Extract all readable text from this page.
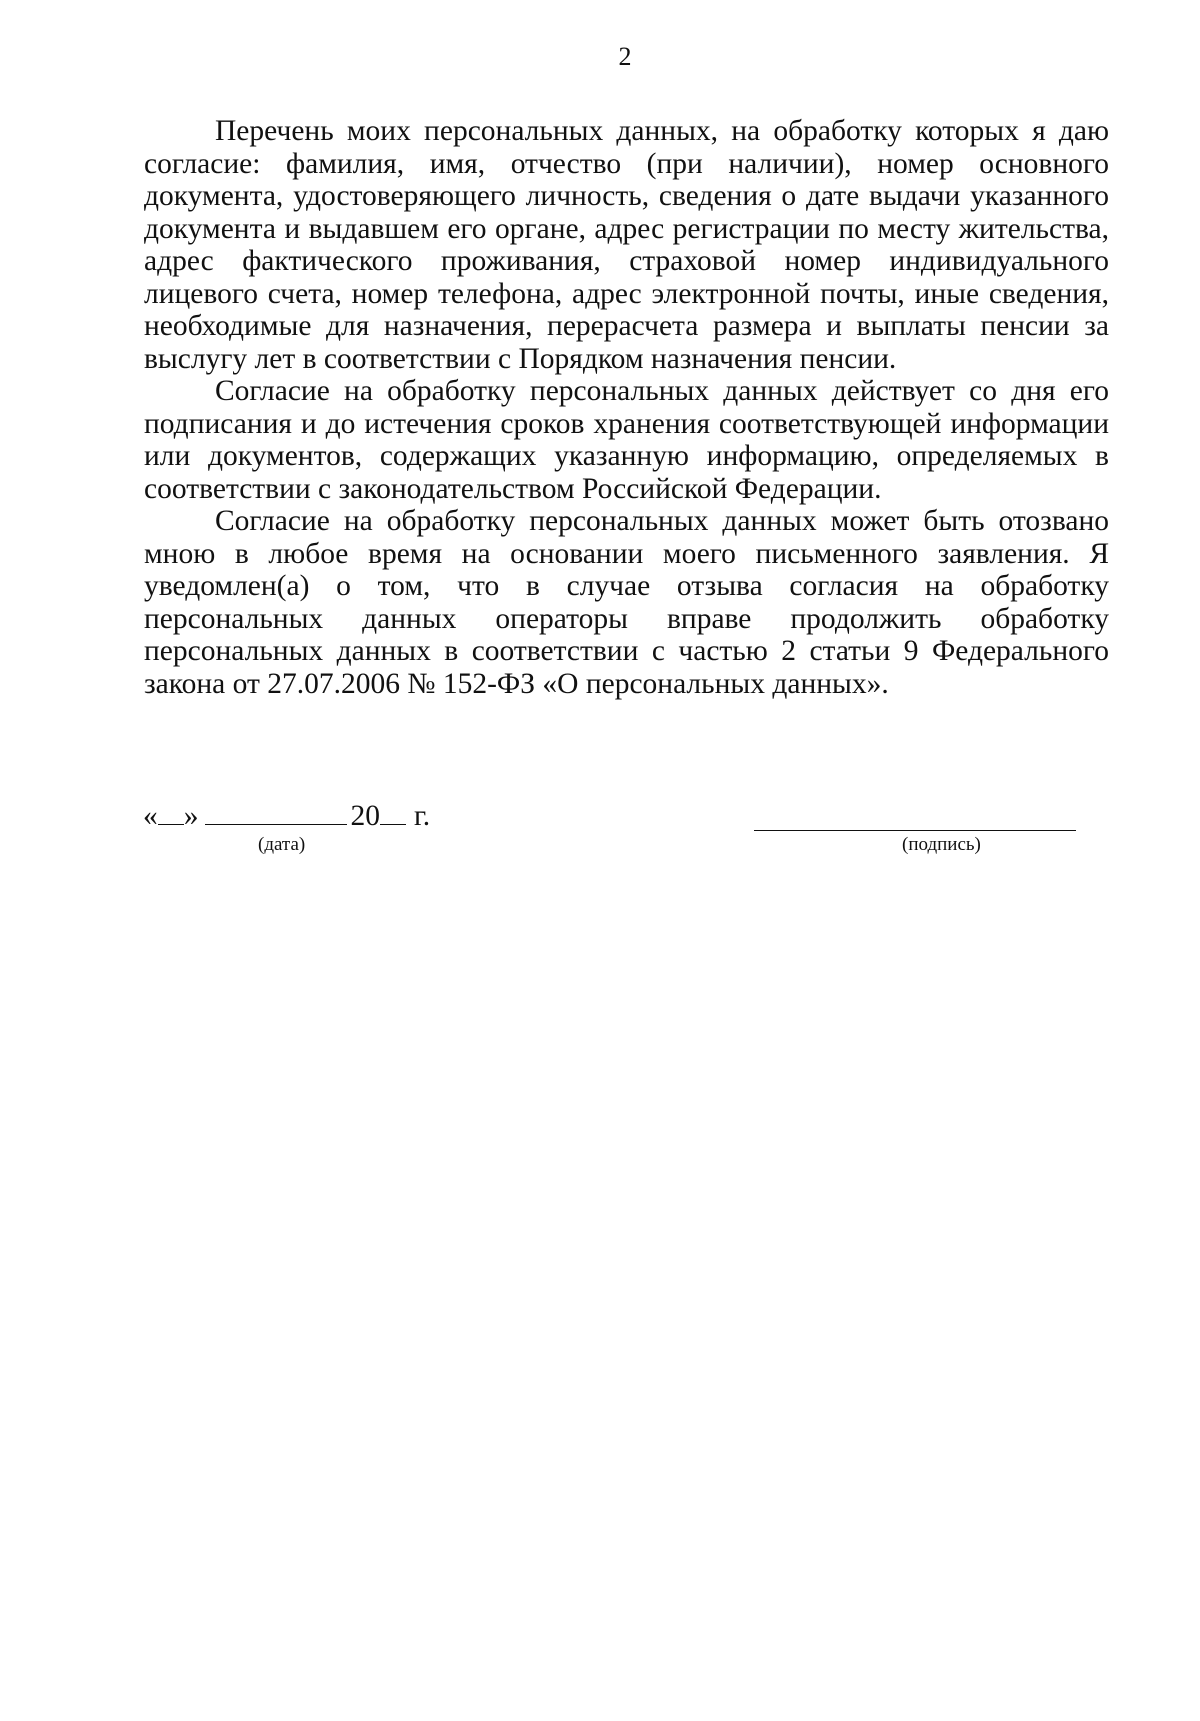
2

Перечень моих персональных данных, на обработку которых я даю согласие: фамилия, имя, отчество (при наличии), номер основного документа, удостоверяющего личность, сведения о дате выдачи указанного документа и выдавшем его органе, адрес регистрации по месту жительства, адрес фактического проживания, страховой номер индивидуального лицевого счета, номер телефона, адрес электронной почты, иные сведения, необходимые для назначения, перерасчета размера и выплаты пенсии за выслугу лет в соответствии с Порядком назначения пенсии.

Согласие на обработку персональных данных действует со дня его подписания и до истечения сроков хранения соответствующей информации или документов, содержащих указанную информацию, определяемых в соответствии с законодательством Российской Федерации.

Согласие на обработку персональных данных может быть отозвано мною в любое время на основании моего письменного заявления. Я уведомлен(а) о том, что в случае отзыва согласия на обработку персональных данных операторы вправе продолжить обработку персональных данных в соответствии с частью 2 статьи 9 Федерального закона от 27.07.2006 № 152-ФЗ «О персональных данных».

« »	20 г.
(дата)	(подпись)
